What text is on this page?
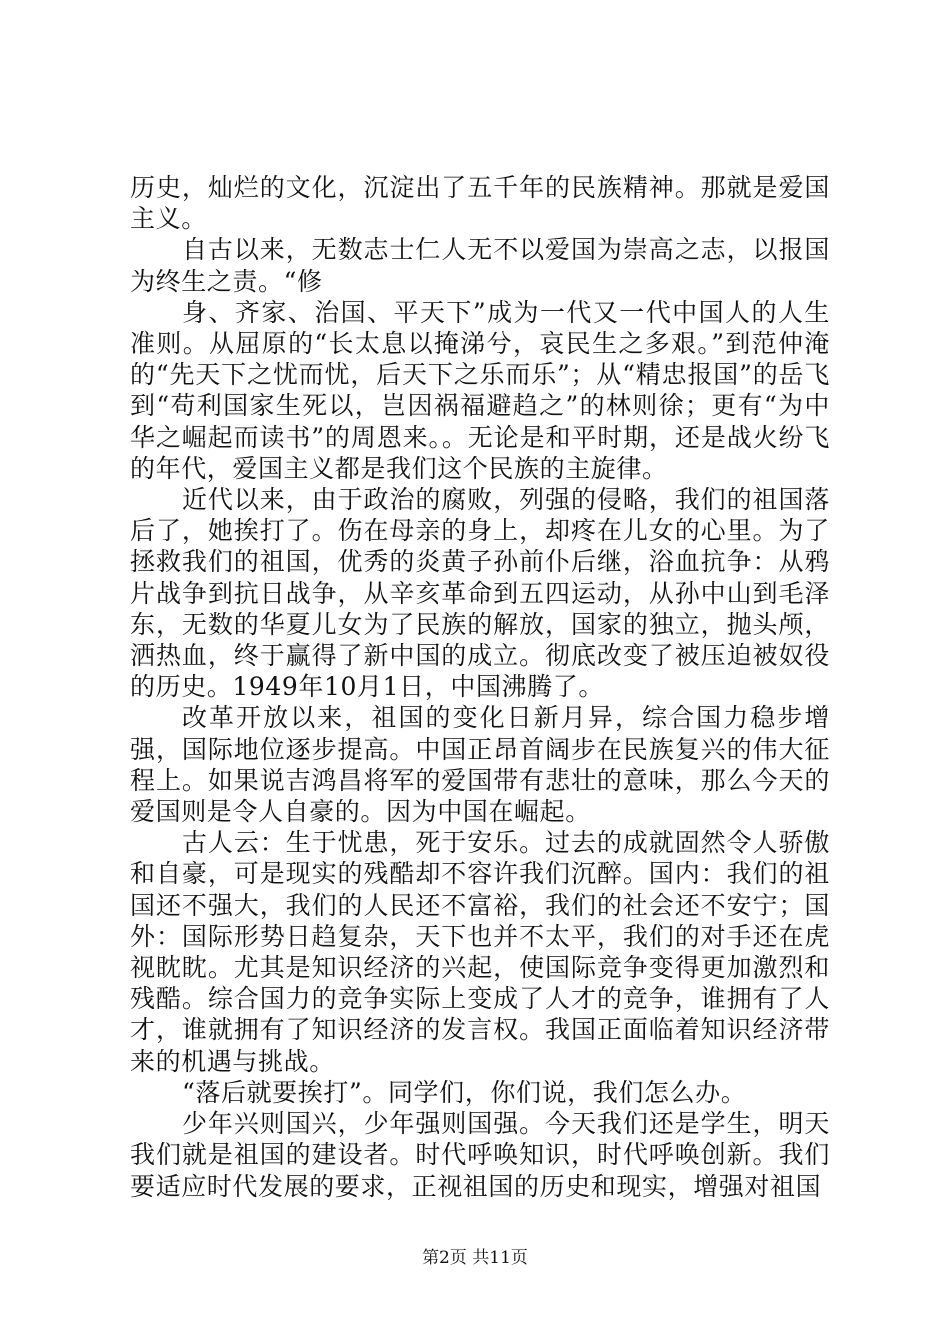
历史，灿烂的文化，沉淀出了五千年的民族精神。那就是爱国主义。

自古以来，无数志士仁人无不以爱国为崇高之志，以报国为终生之责。“修

身、齐家、治国、平天下”成为一代又一代中国人的人生准则。从屈原的“长太息以掩涕兮，哀民生之多艰。”到范仲淹的“先天下之忧而忧，后天下之乐而乐”；从“精忠报国”的岳飞到“苟利国家生死以，岂因祸福避趋之”的林则徐；更有“为中华之崛起而读书”的周恩来。。无论是和平时期，还是战火纷飞的年代，爱国主义都是我们这个民族的主旋律。

近代以来，由于政治的腐败，列强的侵略，我们的祖国落后了，她挨打了。伤在母亲的身上，却疼在儿女的心里。为了拯救我们的祖国，优秀的炎黄子孙前仆后继，浴血抗争：从鸦片战争到抗日战争，从辛亥革命到五四运动，从孙中山到毛泽东，无数的华夏儿女为了民族的解放，国家的独立，抛头颅，洒热血，终于赢得了新中国的成立。彻底改变了被压迫被奴役的历史。1949年10月1日，中国沸腾了。

改革开放以来，祖国的变化日新月异，综合国力稳步增强，国际地位逐步提高。中国正昂首阔步在民族复兴的伟大征程上。如果说吉鸿昌将军的爱国带有悲壮的意味，那么今天的爱国则是令人自豪的。因为中国在崛起。

古人云：生于忧患，死于安乐。过去的成就固然令人骄傲和自豪，可是现实的残酷却不容许我们沉醉。国内：我们的祖国还不强大，我们的人民还不富裕，我们的社会还不安宁；国外：国际形势日趋复杂，天下也并不太平，我们的对手还在虎视眈眈。尤其是知识经济的兴起，使国际竞争变得更加激烈和残酷。综合国力的竞争实际上变成了人才的竞争，谁拥有了人才，谁就拥有了知识经济的发言权。我国正面临着知识经济带来的机遇与挑战。

“落后就要挨打”。同学们，你们说，我们怎么办。

少年兴则国兴，少年强则国强。今天我们还是学生，明天我们就是祖国的建设者。时代呼唤知识，时代呼唤创新。我们要适应时代发展的要求，正视祖国的历史和现实，增强对祖国

第2页 共11页
